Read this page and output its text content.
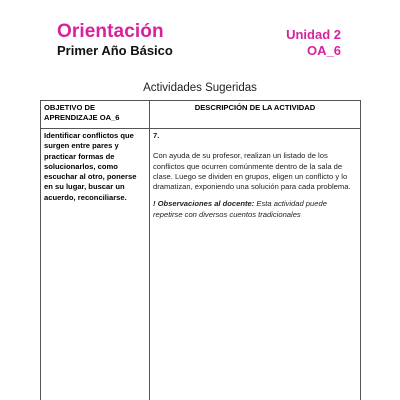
Orientación
Primer Año Básico
Unidad 2
OA_6
Actividades Sugeridas
OBJETIVO DE APRENDIZAJE OA_6	DESCRIPCIÓN DE LA ACTIVIDAD
Identificar conflictos que surgen entre pares y practicar formas de solucionarlos, como escuchar al otro, ponerse en su lugar, buscar un acuerdo, reconciliarse.	7.
Con ayuda de su profesor, realizan un listado de los conflictos que ocurren comúnmente dentro de la sala de clase. Luego se dividen en grupos, eligen un conflicto y lo dramatizan, exponiendo una solución para cada problema.
! Observaciones al docente: Esta actividad puede repetirse con diversos cuentos tradicionales
